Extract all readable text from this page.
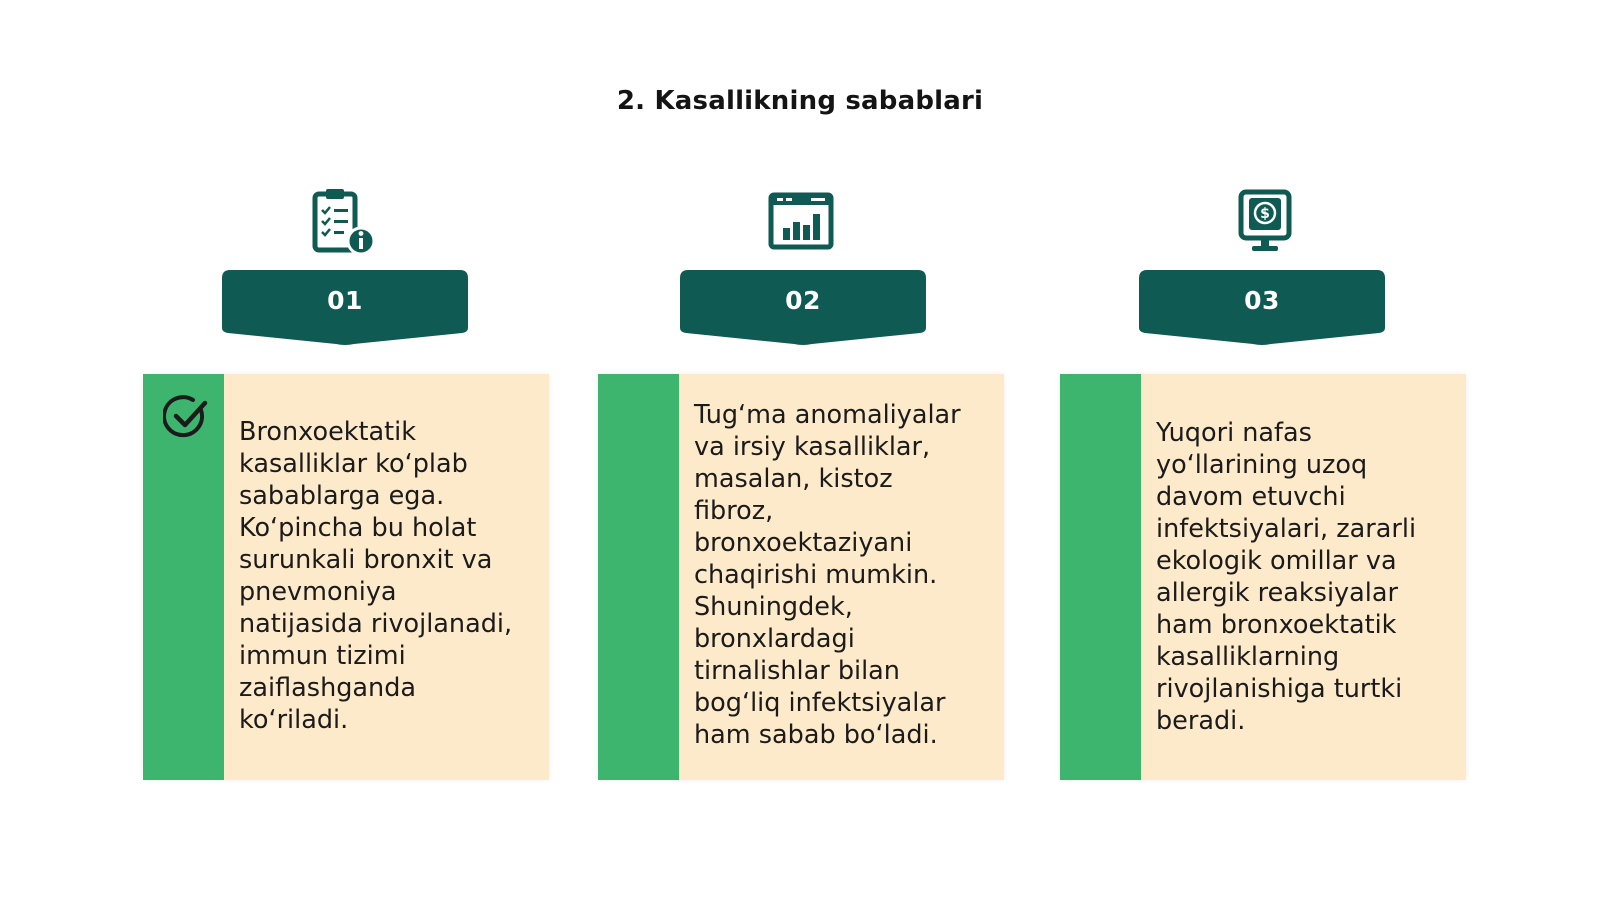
2. Kasallikning sabablari
01
Bronxoektatik
kasalliklar ko‘plab
sabablarga ega.
Ko‘pincha bu holat
surunkali bronxit va
pnevmoniya
natijasida rivojlanadi,
immun tizimi
zaiflashganda
ko‘riladi.
02
Tug‘ma anomaliyalar
va irsiy kasalliklar,
masalan, kistoz
fibroz,
bronxoektaziyani
chaqirishi mumkin.
Shuningdek,
bronxlardagi
tirnalishlar bilan
bog‘liq infektsiyalar
ham sabab bo‘ladi.
$
03
Yuqori nafas
yo‘llarining uzoq
davom etuvchi
infektsiyalari, zararli
ekologik omillar va
allergik reaksiyalar
ham bronxoektatik
kasalliklarning
rivojlanishiga turtki
beradi.
